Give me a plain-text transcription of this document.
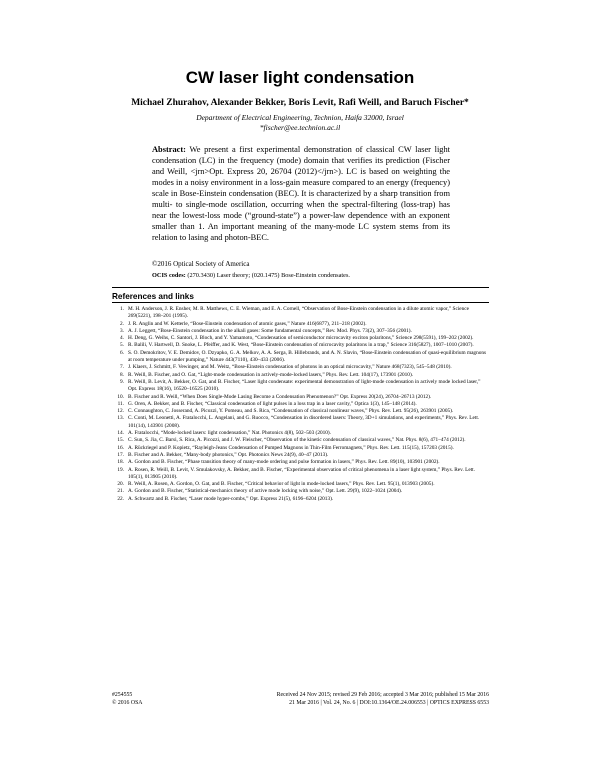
CW laser light condensation
Michael Zhurahov, Alexander Bekker, Boris Levit, Rafi Weill, and Baruch Fischer*
Department of Electrical Engineering, Technion, Haifa 32000, Israel
*fischer@ee.technion.ac.il
Abstract: We present a first experimental demonstration of classical CW laser light condensation (LC) in the frequency (mode) domain that verifies its prediction (Fischer and Weill, <jrn>Opt. Express 20, 26704 (2012)</jrn>). LC is based on weighting the modes in a noisy environment in a loss-gain measure compared to an energy (frequency) scale in Bose-Einstein condensation (BEC). It is characterized by a sharp transition from multi- to single-mode oscillation, occurring when the spectral-filtering (loss-trap) has near the lowest-loss mode (“ground-state”) a power-law dependence with an exponent smaller than 1. An important meaning of the many-mode LC system stems from its relation to lasing and photon-BEC.
©2016 Optical Society of America
OCIS codes: (270.3430) Laser theory; (020.1475) Bose-Einstein condensates.
References and links
1. M. H. Anderson, J. R. Ensher, M. R. Matthews, C. E. Wieman, and E. A. Cornell, “Observation of Bose-Einstein condensation in a dilute atomic vapor,” Science 269(5221), 198–201 (1995).
2. J. R. Anglin and W. Ketterle, “Bose-Einstein condensation of atomic gases,” Nature 416(6877), 211–218 (2002).
3. A. J. Leggett, “Bose-Einstein condensation in the alkali gases: Some fundamental concepts,” Rev. Mod. Phys. 73(2), 307–356 (2001).
4. H. Deng, G. Weihs, C. Santori, J. Bloch, and Y. Yamamoto, “Condensation of semiconductor microcavity exciton polaritons,” Science 298(5591), 199–202 (2002).
5. R. Balili, V. Hartwell, D. Snoke, L. Pfeiffer, and K. West, “Bose-Einstein condensation of microcavity polaritons in a trap,” Science 316(5827), 1007–1010 (2007).
6. S. O. Demokritov, V. E. Demidov, O. Dzyapko, G. A. Melkov, A. A. Serga, B. Hillebrands, and A. N. Slavin, “Bose-Einstein condensation of quasi-equilibrium magnons at room temperature under pumping,” Nature 443(7110), 430–433 (2006).
7. J. Klaers, J. Schmitt, F. Vewinger, and M. Weitz, “Bose-Einstein condensation of photons in an optical microcavity,” Nature 468(7323), 545–548 (2010).
8. R. Weill, B. Fischer, and O. Gat, “Light-mode condensation in actively-mode-locked lasers,” Phys. Rev. Lett. 104(17), 173901 (2010).
9. R. Weill, B. Levit, A. Bekker, O. Gat, and B. Fischer, “Laser light condensate: experimental demonstration of light-mode condensation in actively mode locked laser,” Opt. Express 18(16), 16520–16525 (2010).
10. B. Fischer and R. Weill, “When Does Single-Mode Lasing Become a Condensation Phenomenon?” Opt. Express 20(24), 26704–26713 (2012).
11. G. Oren, A. Bekker, and B. Fischer, “Classical condensation of light pulses in a loss trap in a laser cavity,” Optica 1(3), 145–148 (2014).
12. C. Connaughton, C. Josserand, A. Picozzi, Y. Pomeau, and S. Rica, “Condensation of classical nonlinear waves,” Phys. Rev. Lett. 95(26), 263901 (2005).
13. C. Conti, M. Leonetti, A. Fratalocchi, L. Angelani, and G. Ruocco, “Condensation in disordered lasers: Theory, 3D+1 simulations, and experiments,” Phys. Rev. Lett. 101(14), 143901 (2008).
14. A. Fratalocchi, “Mode-locked lasers: light condensation,” Nat. Photonics 4(8), 502–503 (2010).
15. C. Sun, S. Jia, C. Barsi, S. Rica, A. Picozzi, and J. W. Fleischer, “Observation of the kinetic condensation of classical waves,” Nat. Phys. 8(6), 471–474 (2012).
16. A. Rückriegel and P. Kopietz, “Rayleigh-Jeans Condensation of Pumped Magnons in Thin-Film Ferromagnets,” Phys. Rev. Lett. 115(15), 157203 (2015).
17. B. Fischer and A. Bekker, “Many-body photonics,” Opt. Photonics News 24(9), 40–47 (2013).
18. A. Gordon and B. Fischer, “Phase transition theory of many-mode ordering and pulse formation in lasers,” Phys. Rev. Lett. 89(10), 103901 (2002).
19. A. Rosen, R. Weill, B. Levit, V. Smulakovsky, A. Bekker, and B. Fischer, “Experimental observation of critical phenomena in a laser light system,” Phys. Rev. Lett. 105(1), 013905 (2010).
20. R. Weill, A. Rosen, A. Gordon, O. Gat, and B. Fischer, “Critical behavior of light in mode-locked lasers,” Phys. Rev. Lett. 95(1), 013903 (2005).
21. A. Gordon and B. Fischer, “Statistical-mechanics theory of active mode locking with noise,” Opt. Lett. 29(9), 1022–1024 (2004).
22. A. Schwartz and B. Fischer, “Laser mode hyper-combs,” Opt. Express 21(5), 6196–6204 (2013).
#254555
© 2016 OSA
Received 24 Nov 2015; revised 29 Feb 2016; accepted 3 Mar 2016; published 15 Mar 2016
21 Mar 2016 | Vol. 24, No. 6 | DOI:10.1364/OE.24.006553 | OPTICS EXPRESS 6553
